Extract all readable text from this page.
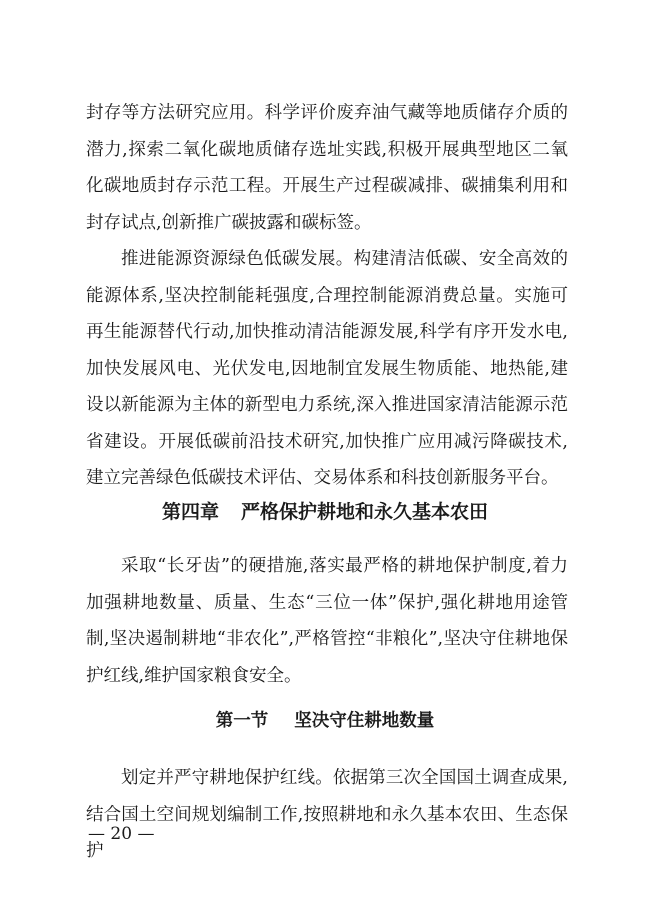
封存等方法研究应用。科学评价废弃油气藏等地质储存介质的潜力,探索二氧化碳地质储存选址实践,积极开展典型地区二氧化碳地质封存示范工程。开展生产过程碳减排、碳捕集利用和封存试点,创新推广碳披露和碳标签。

推进能源资源绿色低碳发展。构建清洁低碳、安全高效的能源体系,坚决控制能耗强度,合理控制能源消费总量。实施可再生能源替代行动,加快推动清洁能源发展,科学有序开发水电,加快发展风电、光伏发电,因地制宜发展生物质能、地热能,建设以新能源为主体的新型电力系统,深入推进国家清洁能源示范省建设。开展低碳前沿技术研究,加快推广应用减污降碳技术,建立完善绿色低碳技术评估、交易体系和科技创新服务平台。

第四章 严格保护耕地和永久基本农田

采取“长牙齿”的硬措施,落实最严格的耕地保护制度,着力加强耕地数量、质量、生态“三位一体”保护,强化耕地用途管制,坚决遏制耕地“非农化”,严格管控“非粮化”,坚决守住耕地保护红线,维护国家粮食安全。

第一节 坚决守住耕地数量

划定并严守耕地保护红线。依据第三次全国国土调查成果,结合国土空间规划编制工作,按照耕地和永久基本农田、生态保护

— 20 —
